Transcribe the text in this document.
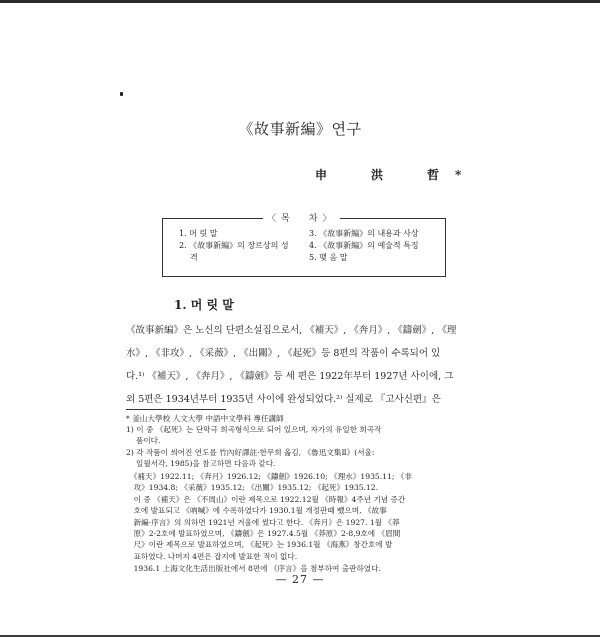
《故事新編》연구
申　洪　哲*
〈목　차〉
1. 머 릿 말
2. 《故事新編》의 장르상의 성
격
3. 《故事新編》의 내용과 사상
4. 《故事新編》의 예술적 특징
5. 맺 음 말
1. 머 릿 말
《故事新編》은 노신의 단편소설집으로서, 《補天》, 《奔月》, 《鑄劍》, 《理
水》, 《非攻》, 《采薇》, 《出關》, 《起死》등 8편의 작품이 수록되어 있
다.¹⁾ 《補天》, 《奔月》, 《鑄劍》등 세 편은 1922年부터 1927년 사이에, 그
외 5편은 1934년부터 1935년 사이에 완성되었다.²⁾ 실제로 『고사신편』은
* 釜山大學校 人文大學 中語中文學科 專任講師
1) 이 중 《起死》는 단막극 희곡형식으로 되어 있으며, 자가의 유일한 희곡작
　 품이다.
2) 각 작품이 씌어진 연도를 竹內好譯註·한무희 옮김, 《魯迅文集Ⅱ》(서울:
　 일월서각, 1985)을 참고하면 다음과 같다.
　《補天》1922.11; 《奔月》1926.12; 《鑄劍》1926.10; 《理水》1935.11; 《非
　攻》1934.8; 《采薇》1935.12; 《出關》1935.12; 《起死》1935.12.
　이 중 《補天》은 《不周山》이란 제목으로 1922.12월 《時報》4주년 기념 증간
　호에 발표되고 《吶喊》에 수록하였다가 1930.1월 개정판때 뺐으며, 《故事
　新編·序言》의 의하면 1921년 겨울에 썼다고 한다. 《奔月》은 1927. 1월 《莽
　原》2-2호에 발표하였으며, 《鑄劍》은 1927.4.5월 《莽原》2-8,9호에 《眉間
　尺》이란 제목으로 발표하였으며, 《起死》는 1936.1월 《海燕》창간호에 발
　표하였다. 나머지 4편은 잡지에 발표한 적이 없다.
　1936.1 上海文化生活出版社에서 8편에 《序言》을 첨부하여 출판하였다.
— 27 —
